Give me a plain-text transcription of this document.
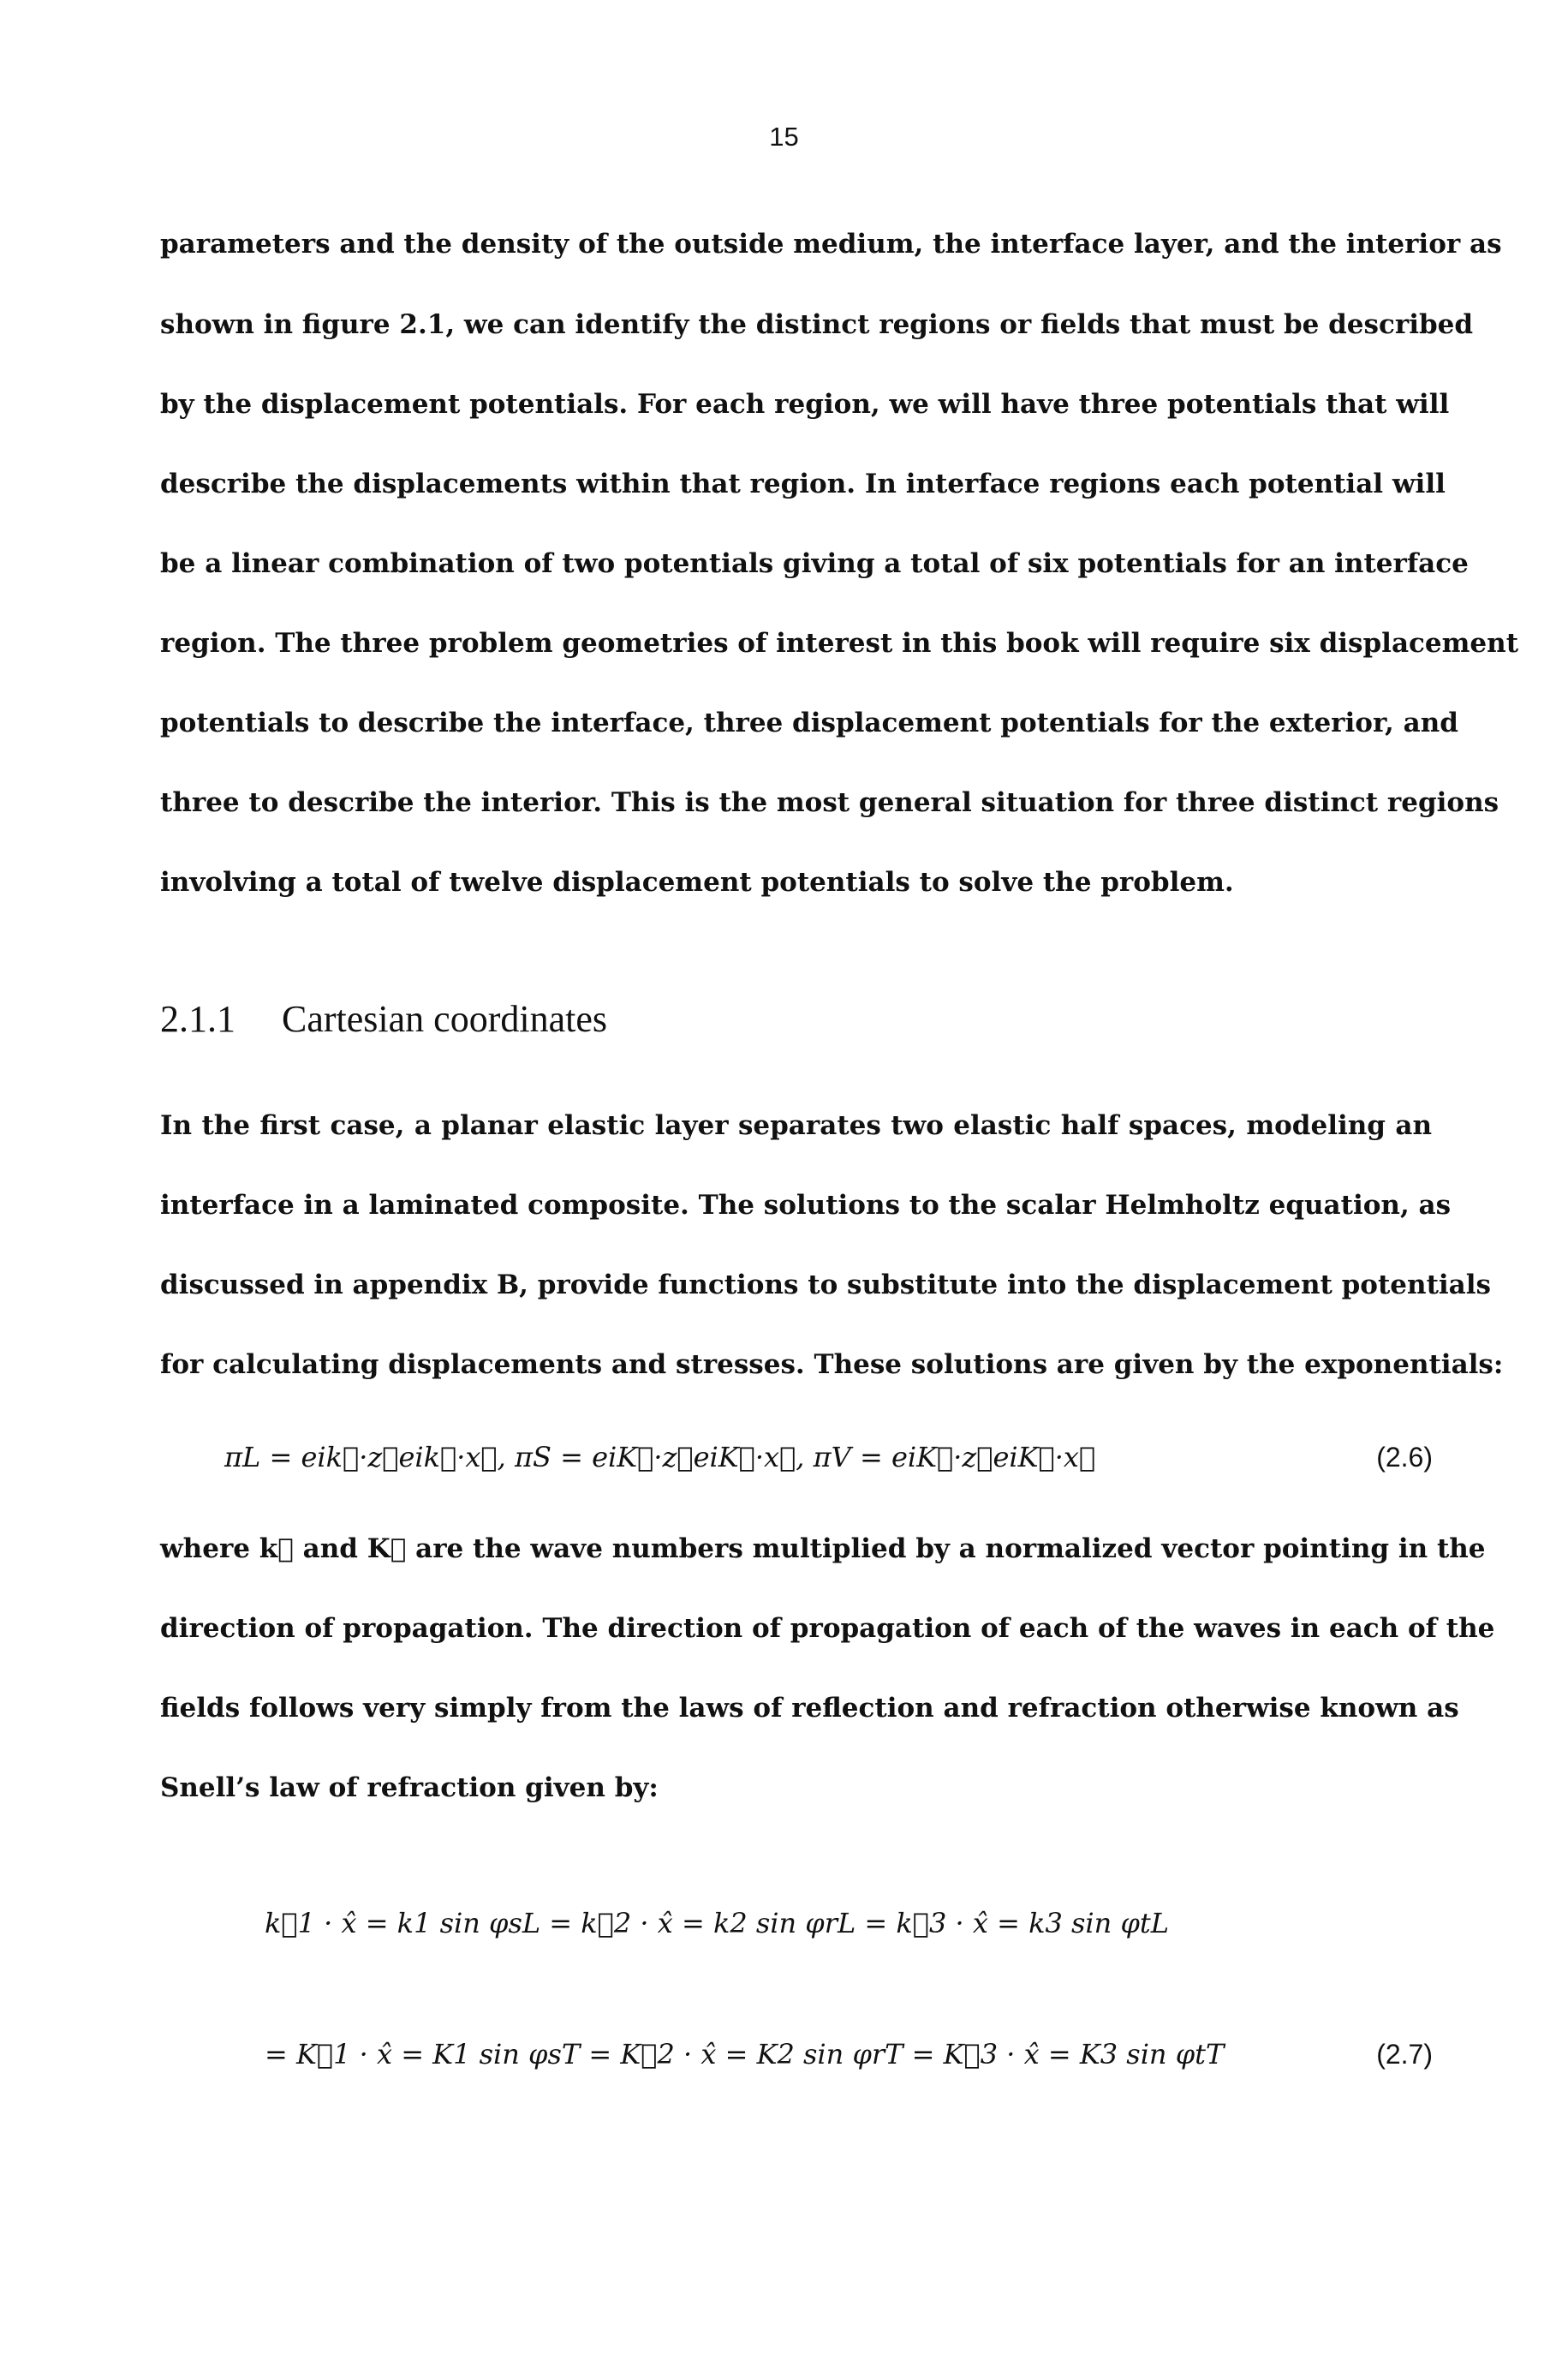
15
parameters and the density of the outside medium, the interface layer, and the interior as
shown in figure 2.1, we can identify the distinct regions or fields that must be described
by the displacement potentials. For each region, we will have three potentials that will
describe the displacements within that region. In interface regions each potential will
be a linear combination of two potentials giving a total of six potentials for an interface
region. The three problem geometries of interest in this book will require six displacement
potentials to describe the interface, three displacement potentials for the exterior, and
three to describe the interior. This is the most general situation for three distinct regions
involving a total of twelve displacement potentials to solve the problem.
2.1.1 Cartesian coordinates
In the first case, a planar elastic layer separates two elastic half spaces, modeling an
interface in a laminated composite. The solutions to the scalar Helmholtz equation, as
discussed in appendix B, provide functions to substitute into the displacement potentials
for calculating displacements and stresses. These solutions are given by the exponentials:
πL = eik⃗·z⃗eik⃗·x⃗, πS = eiK⃗·z⃗eiK⃗·x⃗, πV = eiK⃗·z⃗eiK⃗·x⃗	(2.6)
where k⃗ and K⃗ are the wave numbers multiplied by a normalized vector pointing in the
direction of propagation. The direction of propagation of each of the waves in each of the
fields follows very simply from the laws of reflection and refraction otherwise known as
Snell’s law of refraction given by:
k⃗1 · x̂ = k1 sin φsL = k⃗2 · x̂ = k2 sin φrL = k⃗3 · x̂ = k3 sin φtL
= K⃗1 · x̂ = K1 sin φsT = K⃗2 · x̂ = K2 sin φrT = K⃗3 · x̂ = K3 sin φtT	(2.7)
